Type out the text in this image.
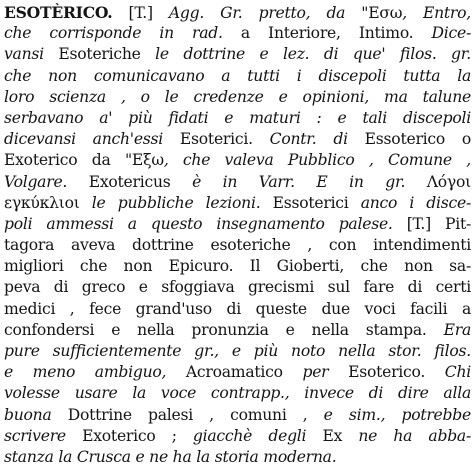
ESOTÈRICO. [T.] Agg. Gr. pretto, da "Εσω, Entro,
che corrisponde in rad. a Interiore, Intimo. Dice-
vansi Esoteriche le dottrine e lez. di que' filos. gr.
che non comunicavano a tutti i discepoli tutta la
loro scienza , o le credenze e opinioni, ma talune
serbavano a' più fidati e maturi : e tali discepoli
dicevansi anch'essi Esoterici. Contr. di Essoterico o
Exoterico da "Εξω, che valeva Pubblico , Comune ,
Volgare. Exotericus è in Varr. E in gr. Λόγοι
εγκύκλιοι le pubbliche lezioni. Essoterici anco i disce-
poli ammessi a questo insegnamento palese. [T.] Pit-
tagora aveva dottrine esoteriche , con intendimenti
migliori che non Epicuro. Il Gioberti, che non sa-
peva di greco e sfoggiava grecismi sul fare di certi
medici , fece grand'uso di queste due voci facili a
confondersi e nella pronunzia e nella stampa. Era
pure sufficientemente gr., e più noto nella stor. filos.
e meno ambiguo, Acroamatico per Esoterico. Chi
volesse usare la voce contrapp., invece di dire alla
buona Dottrine palesi , comuni , e sim., potrebbe
scrivere Exoterico ; giacchè degli Ex ne ha abba-
stanza la Crusca e ne ha la storia moderna.
